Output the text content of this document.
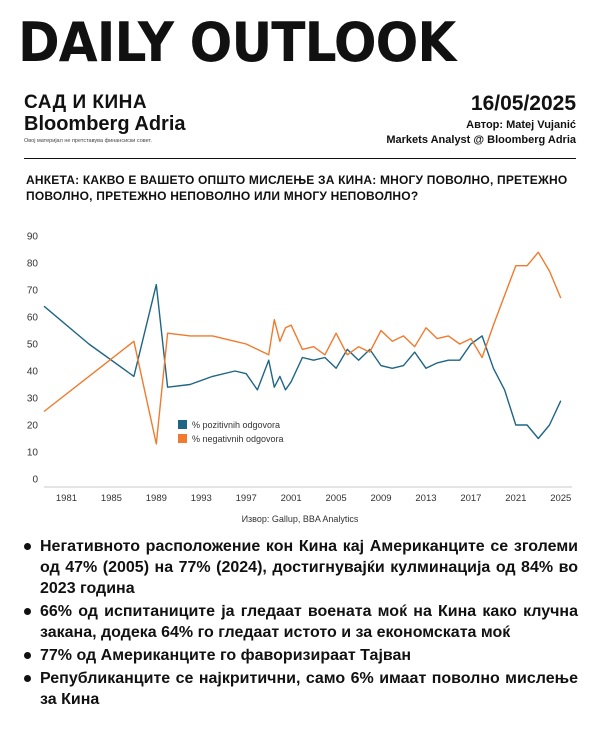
DAILY OUTLOOK
САД И КИНА
Bloomberg Adria
Овој материјал не претставува финансиски совет.
16/05/2025
Автор: Matej Vujanić
Markets Analyst @ Bloomberg Adria
АНКЕТА: КАКВО Е ВАШЕТО ОПШТО МИСЛЕЊЕ ЗА КИНА: МНОГУ ПОВОЛНО, ПРЕТЕЖНО ПОВОЛНО, ПРЕТЕЖНО НЕПОВОЛНО ИЛИ МНОГУ НЕПОВОЛНО?
0
10
20
30
40
50
60
70
80
90
1981	1985	1989	1993	1997	2001	2005	2009	2013	2017	2021	2025
% pozitivnih odgovora
% negativnih odgovora
Извор: Gallup, BBA Analytics
Негативното расположение кон Кина кај Американците се зголеми од 47% (2005) на 77% (2024), достигнувајќи кулминација од 84% во 2023 година
66% од испитаниците ја гледаат воената моќ на Кина како клучна закана, додека 64% го гледаат истото и за економската моќ
77% од Американците го фаворизираат Тајван
Републиканците се најкритични, само 6% имаат поволно мислење за Кина
